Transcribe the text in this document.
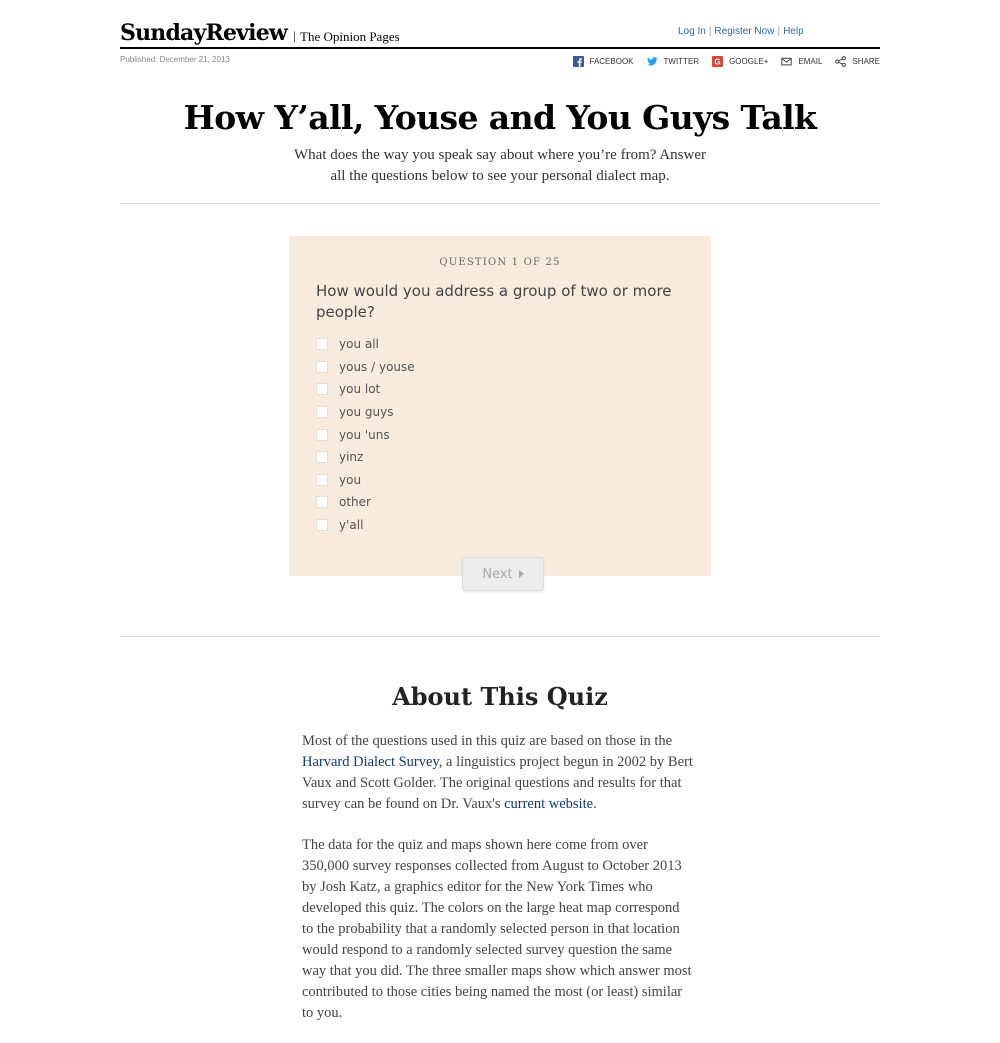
SundayReview | The Opinion Pages	Log In | Register Now | Help
Published: December 21, 2013	FACEBOOK	TWITTER G GOOGLE+	EMAIL	SHARE
How Y’all, Youse and You Guys Talk

What does the way you speak say about where you’re from? Answer all the questions below to see your personal dialect map.

QUESTION 1 OF 25
How would you address a group of two or more people?
you all
yous / youse
you lot
you guys
you 'uns
yinz
you
other
y'all
Next
About This Quiz

Most of the questions used in this quiz are based on those in the Harvard Dialect Survey, a linguistics project begun in 2002 by Bert Vaux and Scott Golder. The original questions and results for that survey can be found on Dr. Vaux's current website.

The data for the quiz and maps shown here come from over 350,000 survey responses collected from August to October 2013 by Josh Katz, a graphics editor for the New York Times who developed this quiz. The colors on the large heat map correspond to the probability that a randomly selected person in that location would respond to a randomly selected survey question the same way that you did. The three smaller maps show which answer most contributed to those cities being named the most (or least) similar to you.
